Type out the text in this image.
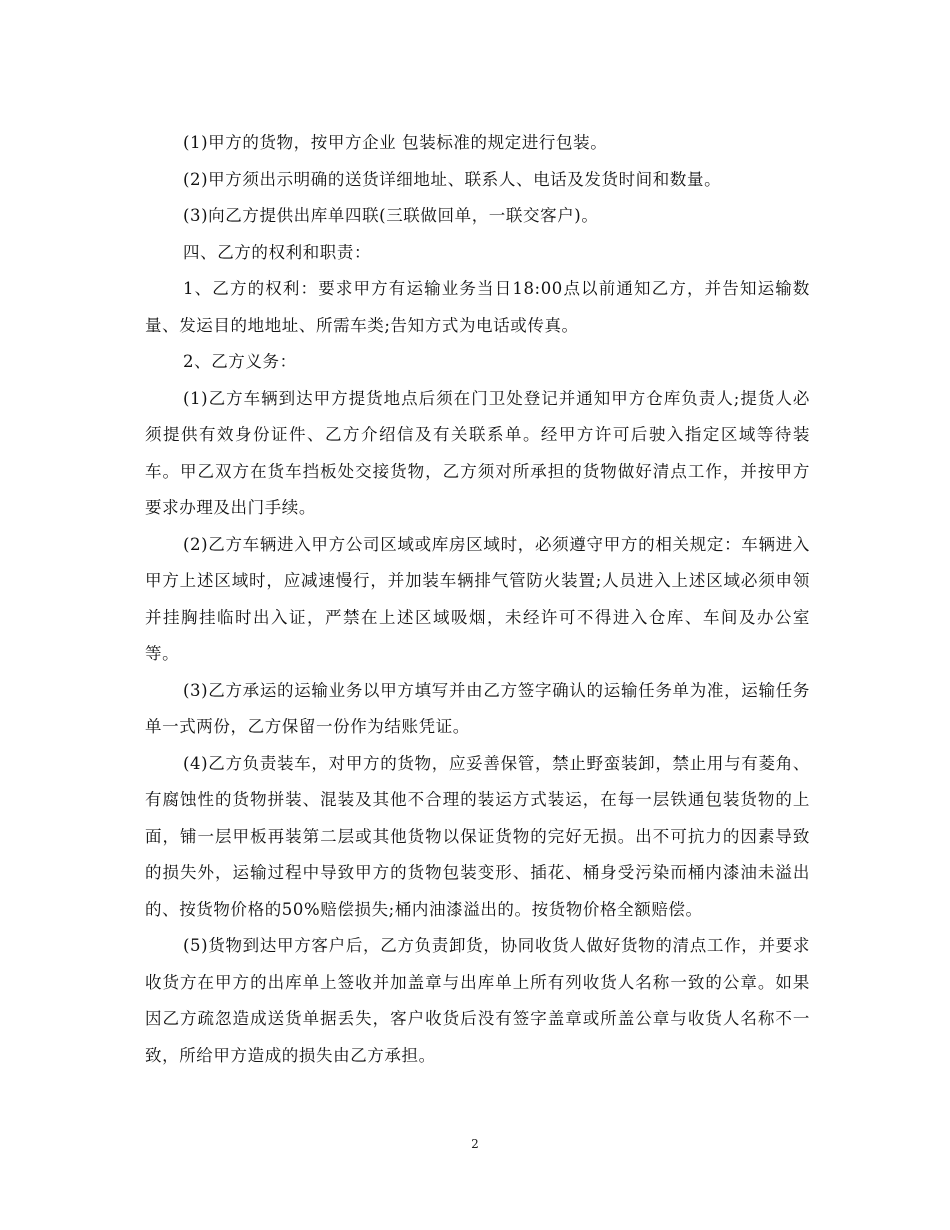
(1)甲方的货物，按甲方企业 包装标准的规定进行包装。

(2)甲方须出示明确的送货详细地址、联系人、电话及发货时间和数量。

(3)向乙方提供出库单四联(三联做回单，一联交客户)。

四、乙方的权利和职责：

1、乙方的权利：要求甲方有运输业务当日18:00点以前通知乙方，并告知运输数量、发运目的地地址、所需车类;告知方式为电话或传真。

2、乙方义务：

(1)乙方车辆到达甲方提货地点后须在门卫处登记并通知甲方仓库负责人;提货人必须提供有效身份证件、乙方介绍信及有关联系单。经甲方许可后驶入指定区域等待装车。甲乙双方在货车挡板处交接货物，乙方须对所承担的货物做好清点工作，并按甲方要求办理及出门手续。

(2)乙方车辆进入甲方公司区域或库房区域时，必须遵守甲方的相关规定：车辆进入甲方上述区域时，应减速慢行，并加装车辆排气管防火装置;人员进入上述区域必须申领并挂胸挂临时出入证，严禁在上述区域吸烟，未经许可不得进入仓库、车间及办公室等。

(3)乙方承运的运输业务以甲方填写并由乙方签字确认的运输任务单为准，运输任务单一式两份，乙方保留一份作为结账凭证。

(4)乙方负责装车，对甲方的货物，应妥善保管，禁止野蛮装卸，禁止用与有菱角、有腐蚀性的货物拼装、混装及其他不合理的装运方式装运，在每一层铁通包装货物的上面，铺一层甲板再装第二层或其他货物以保证货物的完好无损。出不可抗力的因素导致的损失外，运输过程中导致甲方的货物包装变形、插花、桶身受污染而桶内漆油未溢出的、按货物价格的50%赔偿损失;桶内油漆溢出的。按货物价格全额赔偿。

(5)货物到达甲方客户后，乙方负责卸货，协同收货人做好货物的清点工作，并要求收货方在甲方的出库单上签收并加盖章与出库单上所有列收货人名称一致的公章。如果因乙方疏忽造成送货单据丢失，客户收货后没有签字盖章或所盖公章与收货人名称不一致，所给甲方造成的损失由乙方承担。

2
